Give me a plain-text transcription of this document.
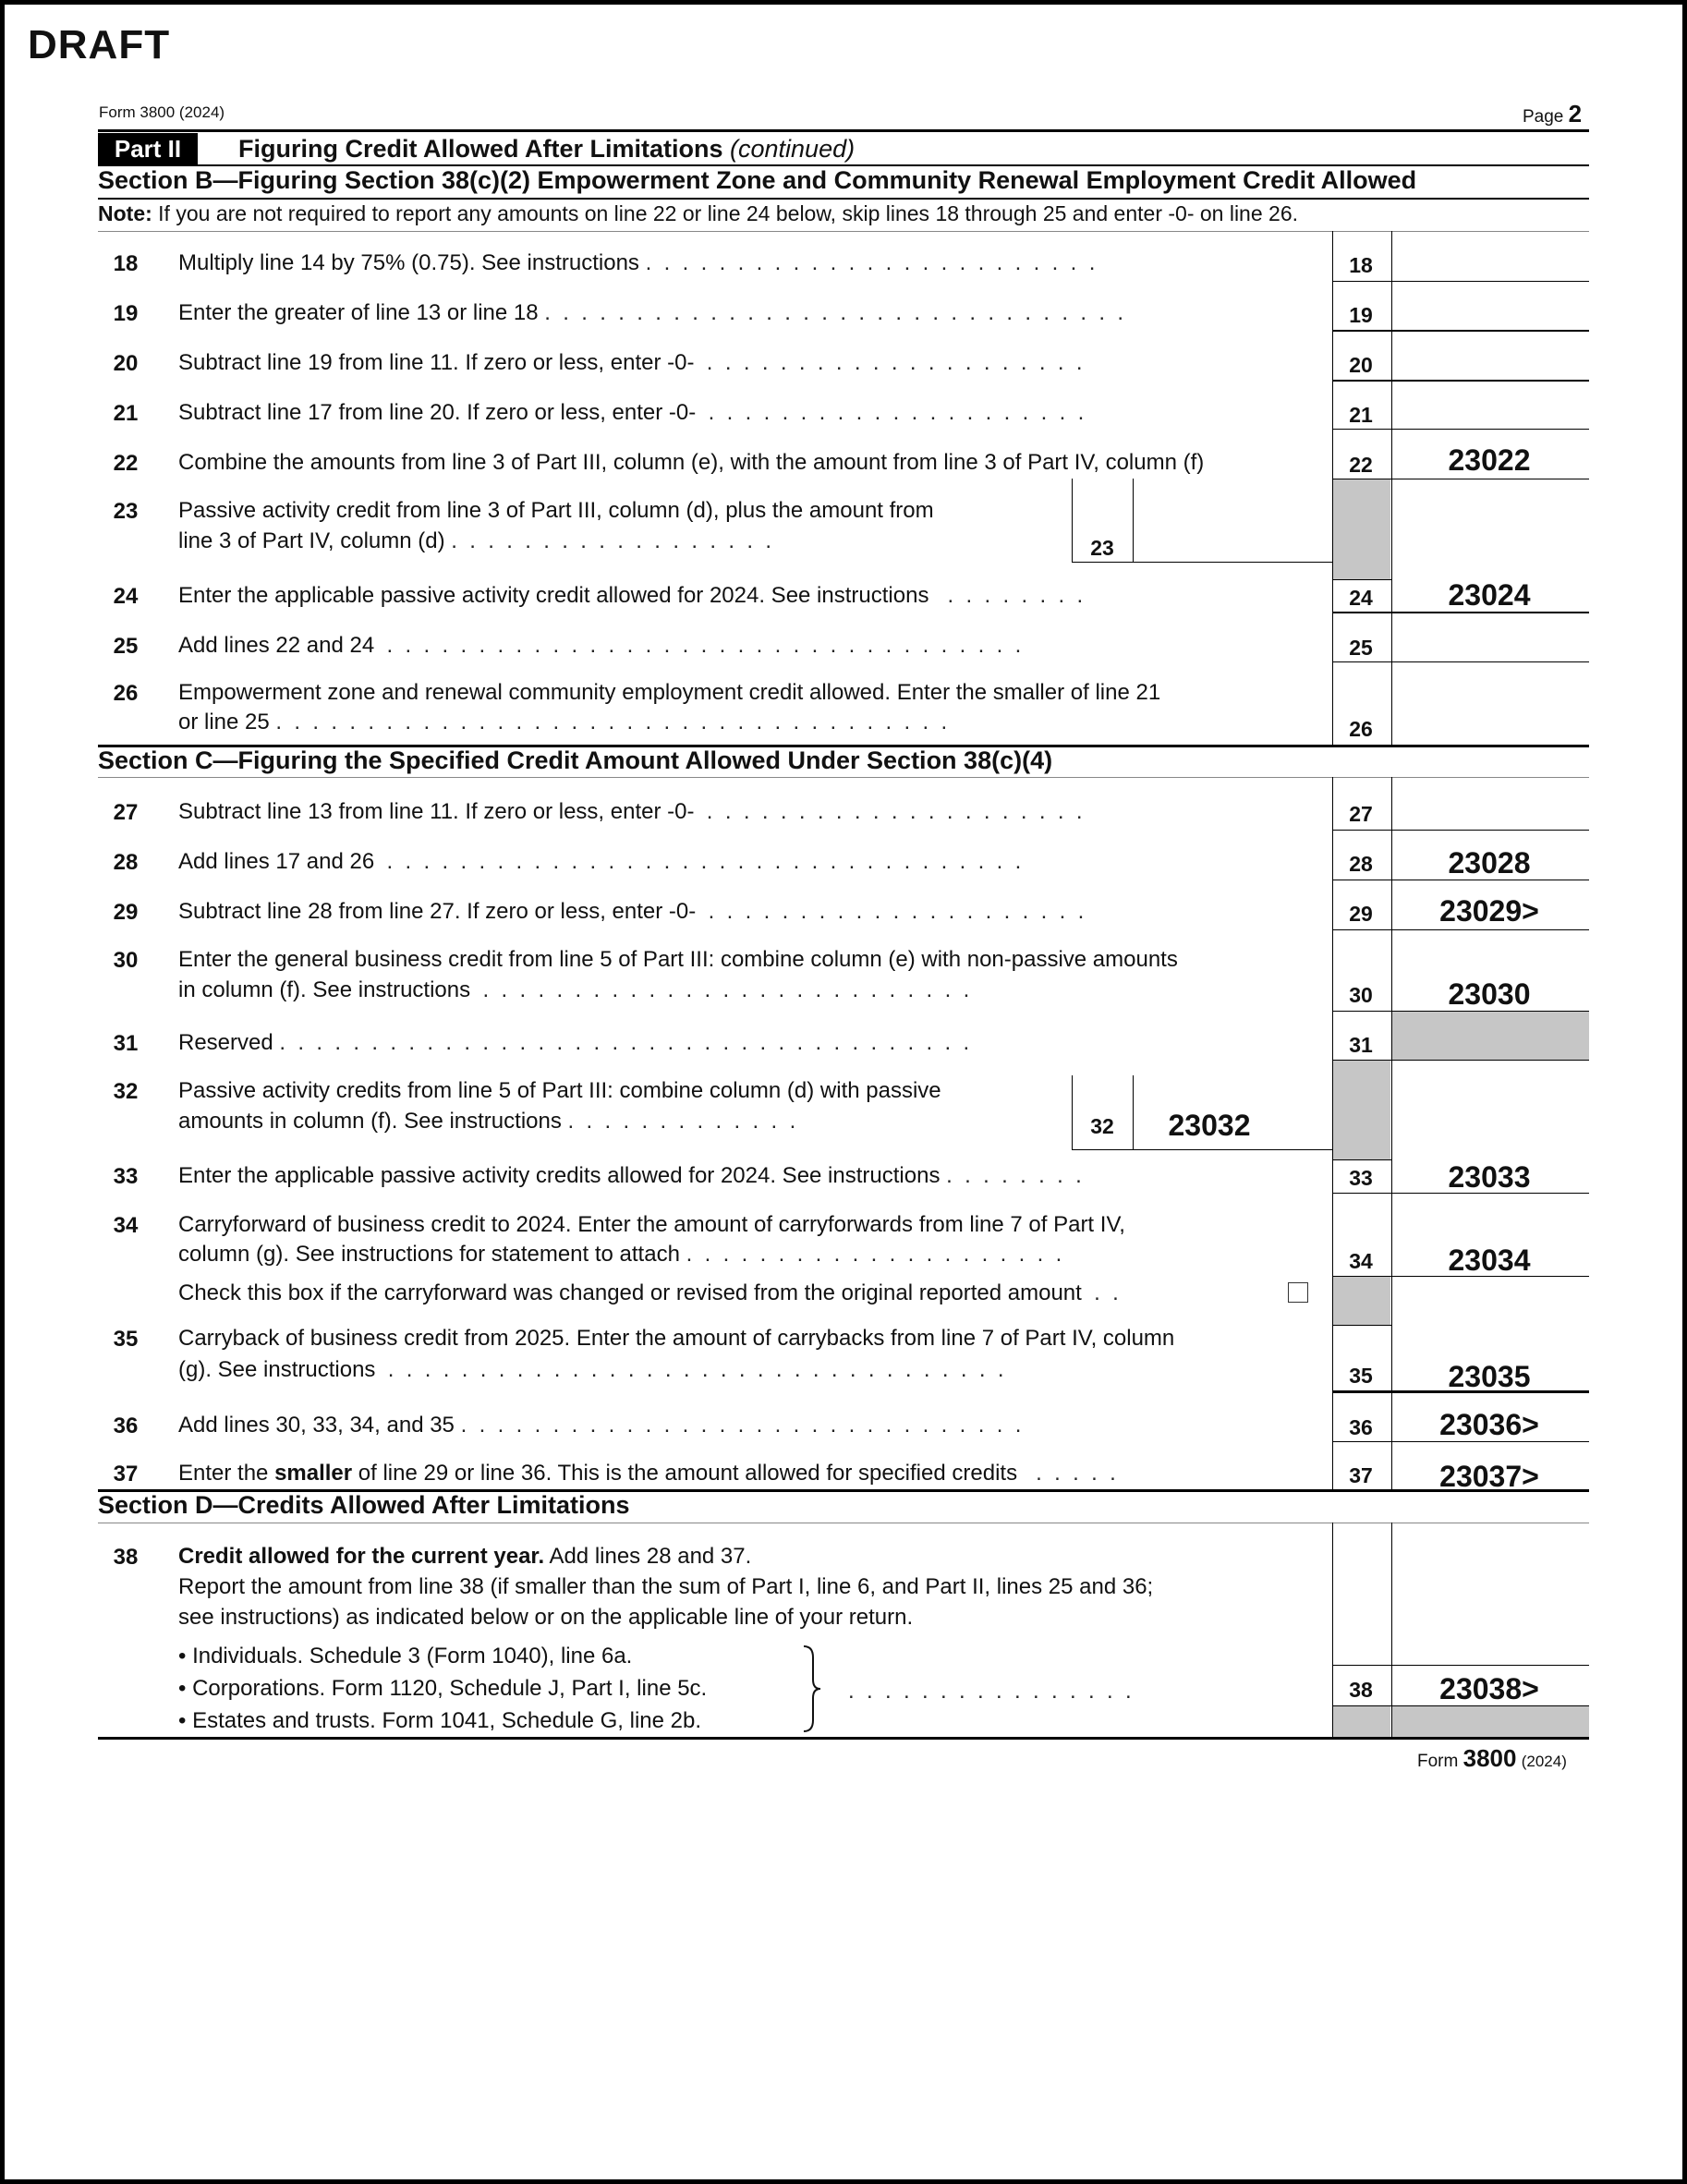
DRAFT
Form 3800 (2024)	Page 2
Part II	Figuring Credit Allowed After Limitations (continued)
Section B—Figuring Section 38(c)(2) Empowerment Zone and Community Renewal Employment Credit Allowed
Note: If you are not required to report any amounts on line 22 or line 24 below, skip lines 18 through 25 and enter -0- on line 26.
18	Multiply line 14 by 75% (0.75). See instructions .  .  .  .  .  .  .  .  .  .  .  .  .  .  .  .  .  .  .  .  .  .  .  .  .	18
19	Enter the greater of line 13 or line 18 .  .  .  .  .  .  .  .  .  .  .  .  .  .  .  .  .  .  .  .  .  .  .  .  .  .  .  .  .  .  .  .	19
20	Subtract line 19 from line 11. If zero or less, enter -0-  .  .  .  .  .  .  .  .  .  .  .  .  .  .  .  .  .  .  .  .  .	20
21	Subtract line 17 from line 20. If zero or less, enter -0-  .  .  .  .  .  .  .  .  .  .  .  .  .  .  .  .  .  .  .  .  .	21
22	Combine the amounts from line 3 of Part III, column (e), with the amount from line 3 of Part IV, column (f)	22	23022
23	Passive activity credit from line 3 of Part III, column (d), plus the amount from
line 3 of Part IV, column (d) .  .  .  .  .  .  .  .  .  .  .  .  .  .  .  .  .  .	23
24	Enter the applicable passive activity credit allowed for 2024. See instructions   .  .  .  .  .  .  .  .	24	23024
25	Add lines 22 and 24  .  .  .  .  .  .  .  .  .  .  .  .  .  .  .  .  .  .  .  .  .  .  .  .  .  .  .  .  .  .  .  .  .  .  .	25
26	Empowerment zone and renewal community employment credit allowed. Enter the smaller of line 21
or line 25 .  .  .  .  .  .  .  .  .  .  .  .  .  .  .  .  .  .  .  .  .  .  .  .  .  .  .  .  .  .  .  .  .  .  .  .  .	26
Section C—Figuring the Specified Credit Amount Allowed Under Section 38(c)(4)
27	Subtract line 13 from line 11. If zero or less, enter -0-  .  .  .  .  .  .  .  .  .  .  .  .  .  .  .  .  .  .  .  .  .	27
28	Add lines 17 and 26  .  .  .  .  .  .  .  .  .  .  .  .  .  .  .  .  .  .  .  .  .  .  .  .  .  .  .  .  .  .  .  .  .  .  .	28	23028
29	Subtract line 28 from line 27. If zero or less, enter -0-  .  .  .  .  .  .  .  .  .  .  .  .  .  .  .  .  .  .  .  .  .	29	23029>
30	Enter the general business credit from line 5 of Part III: combine column (e) with non-passive amounts
in column (f). See instructions  .  .  .  .  .  .  .  .  .  .  .  .  .  .  .  .  .  .  .  .  .  .  .  .  .  .  .	30	23030
31	Reserved .  .  .  .  .  .  .  .  .  .  .  .  .  .  .  .  .  .  .  .  .  .  .  .  .  .  .  .  .  .  .  .  .  .  .  .  .  .	31
32	Passive activity credits from line 5 of Part III: combine column (d) with passive
amounts in column (f). See instructions .  .  .  .  .  .  .  .  .  .  .  .  .	32	23032
33	Enter the applicable passive activity credits allowed for 2024. See instructions .  .  .  .  .  .  .  .	33	23033
34	Carryforward of business credit to 2024. Enter the amount of carryforwards from line 7 of Part IV,
column (g). See instructions for statement to attach .  .  .  .  .  .  .  .  .  .  .  .  .  .  .  .  .  .  .  .  .	34	23034
Check this box if the carryforward was changed or revised from the original reported amount  .  .
35	Carryback of business credit from 2025. Enter the amount of carrybacks from line 7 of Part IV, column
(g). See instructions  .  .  .  .  .  .  .  .  .  .  .  .  .  .  .  .  .  .  .  .  .  .  .  .  .  .  .  .  .  .  .  .  .  .	35	23035
36	Add lines 30, 33, 34, and 35 .  .  .  .  .  .  .  .  .  .  .  .  .  .  .  .  .  .  .  .  .  .  .  .  .  .  .  .  .  .  .	36	23036>
37	Enter the smaller of line 29 or line 36. This is the amount allowed for specified credits   .  .  .  .  .	37	23037>
Section D—Credits Allowed After Limitations
38	Credit allowed for the current year. Add lines 28 and 37.
Report the amount from line 38 (if smaller than the sum of Part I, line 6, and Part II, lines 25 and 36;
see instructions) as indicated below or on the applicable line of your return.
• Individuals. Schedule 3 (Form 1040), line 6a.
• Corporations. Form 1120, Schedule J, Part I, line 5c.
• Estates and trusts. Form 1041, Schedule G, line 2b.
.  .  .  .  .  .  .  .  .  .  .  .  .  .  .  .	38	23038>
Form 3800 (2024)
